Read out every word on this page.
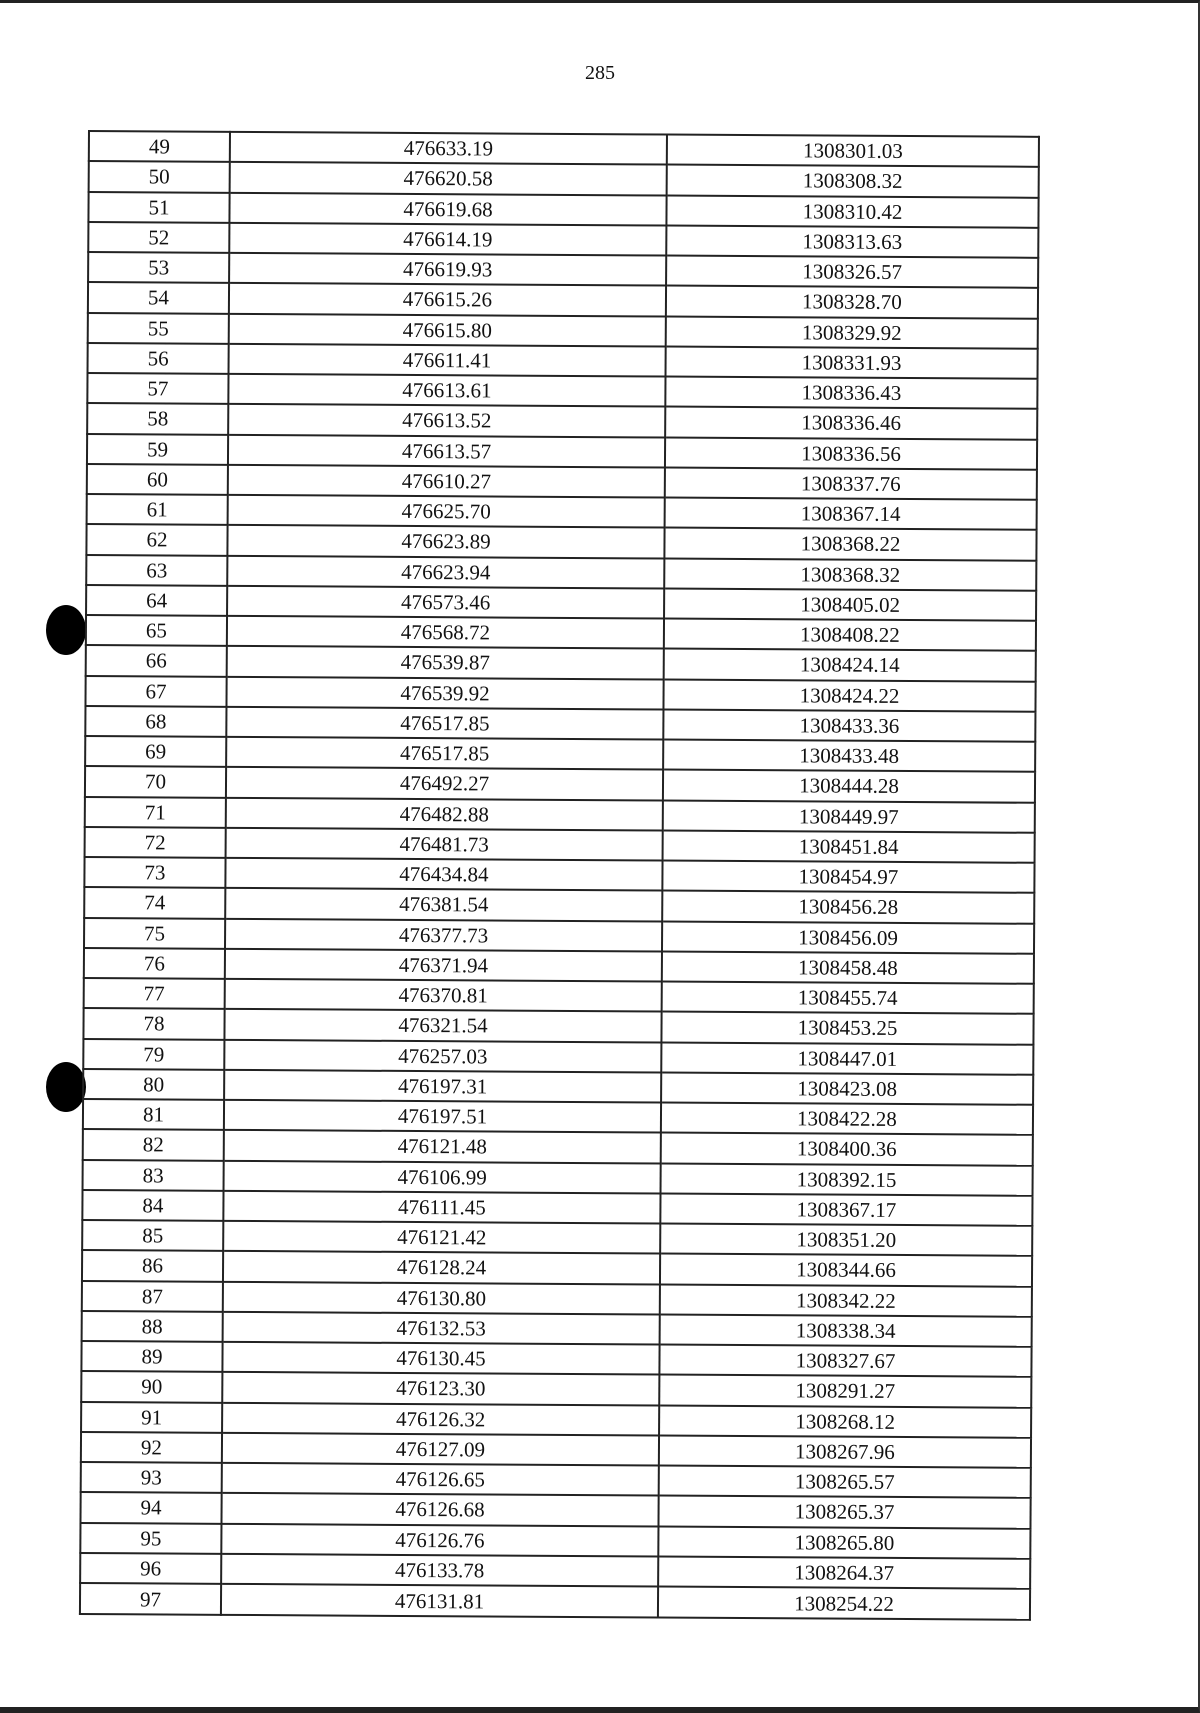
285
49	476633.19	1308301.03
50	476620.58	1308308.32
51	476619.68	1308310.42
52	476614.19	1308313.63
53	476619.93	1308326.57
54	476615.26	1308328.70
55	476615.80	1308329.92
56	476611.41	1308331.93
57	476613.61	1308336.43
58	476613.52	1308336.46
59	476613.57	1308336.56
60	476610.27	1308337.76
61	476625.70	1308367.14
62	476623.89	1308368.22
63	476623.94	1308368.32
64	476573.46	1308405.02
65	476568.72	1308408.22
66	476539.87	1308424.14
67	476539.92	1308424.22
68	476517.85	1308433.36
69	476517.85	1308433.48
70	476492.27	1308444.28
71	476482.88	1308449.97
72	476481.73	1308451.84
73	476434.84	1308454.97
74	476381.54	1308456.28
75	476377.73	1308456.09
76	476371.94	1308458.48
77	476370.81	1308455.74
78	476321.54	1308453.25
79	476257.03	1308447.01
80	476197.31	1308423.08
81	476197.51	1308422.28
82	476121.48	1308400.36
83	476106.99	1308392.15
84	476111.45	1308367.17
85	476121.42	1308351.20
86	476128.24	1308344.66
87	476130.80	1308342.22
88	476132.53	1308338.34
89	476130.45	1308327.67
90	476123.30	1308291.27
91	476126.32	1308268.12
92	476127.09	1308267.96
93	476126.65	1308265.57
94	476126.68	1308265.37
95	476126.76	1308265.80
96	476133.78	1308264.37
97	476131.81	1308254.22
